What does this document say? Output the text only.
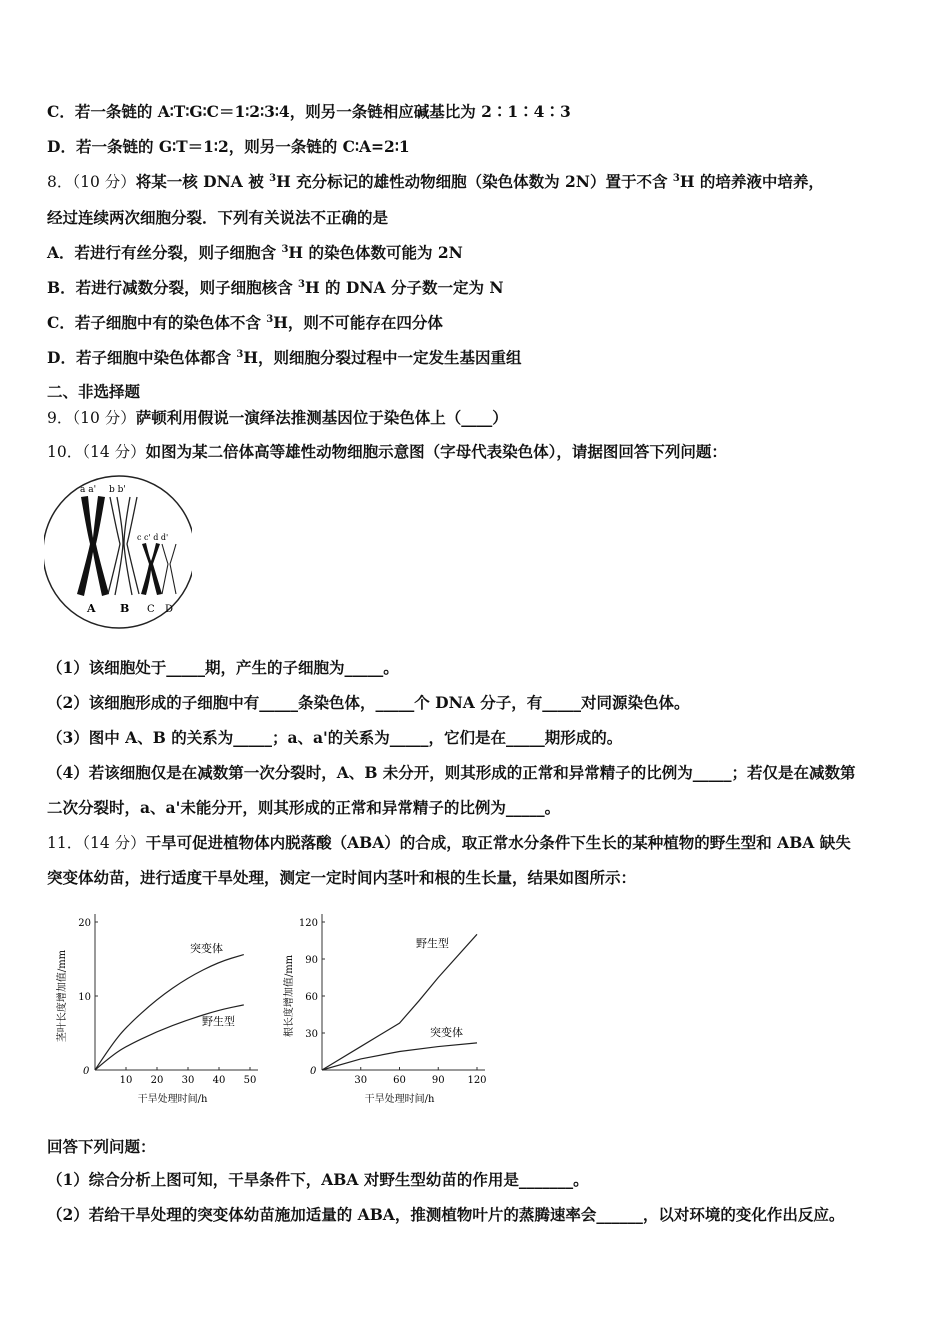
C．若一条链的 A∶T∶G∶C＝1∶2∶3∶4，则另一条链相应碱基比为 2∶1∶4∶3
D．若一条链的 G∶T＝1∶2，则另一条链的 C∶A=2∶1
8．（10 分）将某一核 DNA 被 $^3$H 充分标记的雄性动物细胞（染色体数为 2N）置于不含 $^3$H 的培养液中培养，
经过连续两次细胞分裂．下列有关说法不正确的是
A．若进行有丝分裂，则子细胞含 $^3$H 的染色体数可能为 2N
B．若进行减数分裂，则子细胞核含 $^3$H 的 DNA 分子数一定为 N
C．若子细胞中有的染色体不含 $^3$H，则不可能存在四分体
D．若子细胞中染色体都含 $^3$H，则细胞分裂过程中一定发生基因重组
二、非选择题
9．（10 分）萨顿利用假说一演绎法推测基因位于染色体上（____）
10．（14 分）如图为某二倍体高等雄性动物细胞示意图（字母代表染色体），请据图回答下列问题：
a a' b b'
c c' d d'
A B C D
（1）该细胞处于_____期，产生的子细胞为_____。
（2）该细胞形成的子细胞中有_____条染色体，_____个 DNA 分子，有_____对同源染色体。
（3）图中 A、B 的关系为_____；a、a'的关系为_____，它们是在_____期形成的。
（4）若该细胞仅是在减数第一次分裂时，A、B 未分开，则其形成的正常和异常精子的比例为_____；若仅是在减数第
二次分裂时，a、a'未能分开，则其形成的正常和异常精子的比例为_____。
11．（14 分）干旱可促进植物体内脱落酸（ABA）的合成，取正常水分条件下生长的某种植物的野生型和 ABA 缺失
突变体幼苗，进行适度干旱处理，测定一定时间内茎叶和根的生长量，结果如图所示：
0
10 20 30 40 50
10
20
干旱处理时间/h
茎叶长度增加值/mm
突变体
野生型
0
30	60	90 120
30
60
90
120
干旱处理时间/h
根长度增加值/mm
野生型
突变体
回答下列问题：
（1）综合分析上图可知，干旱条件下，ABA 对野生型幼苗的作用是_______。
（2）若给干旱处理的突变体幼苗施加适量的 ABA，推测植物叶片的蒸腾速率会______，以对环境的变化作出反应。
